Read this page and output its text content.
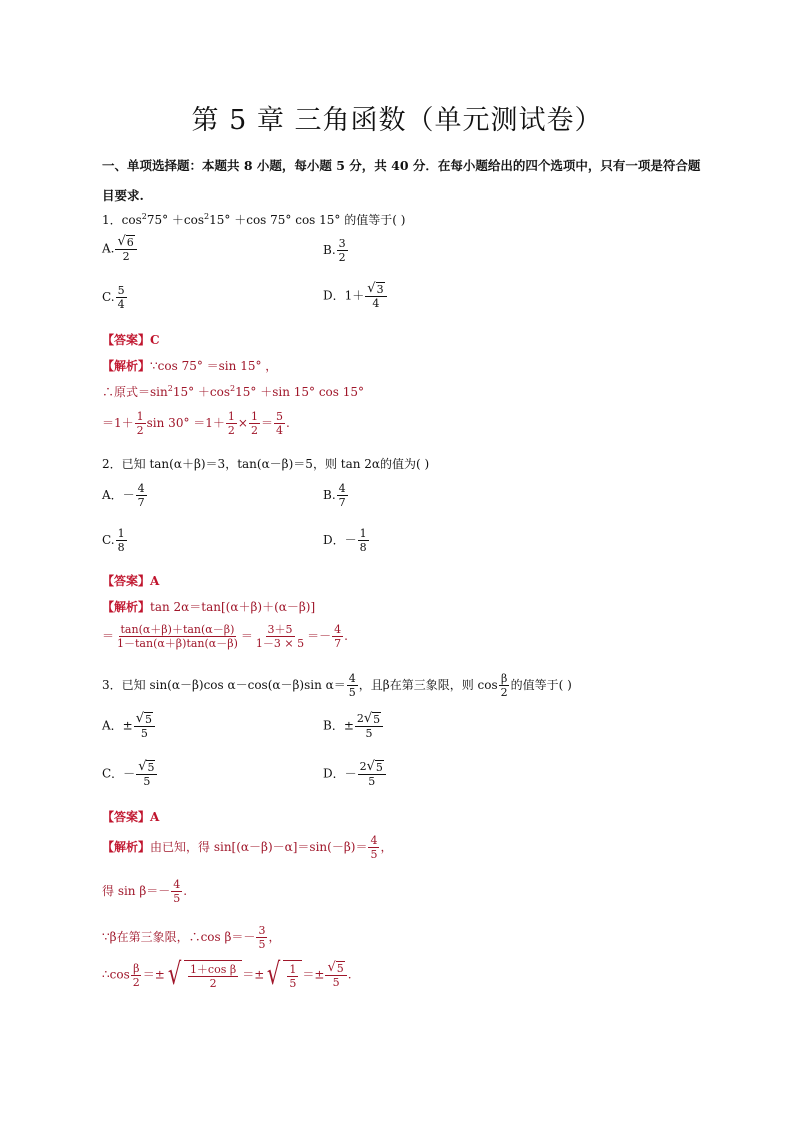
第 5 章 三角函数（单元测试卷）
一、单项选择题：本题共 8 小题，每小题 5 分，共 40 分．在每小题给出的四个选项中，只有一项是符合题
目要求.
1．$\cos^275^\circ +\cos^215^\circ +\cos$ 75° cos 15° 的值等于( )
A. $\frac{√ 6}{2}$	B. $\frac{3}{2}$
C. $\frac{5}{4}$	D．$1+ \frac{√ 3}{4}$
【答案】C
【解析】∵cos 75° ＝sin 15° ，
∴原式$=\sin^215^\circ +\cos^215^\circ +\sin$ 15° cos 15°
$=1+ \frac{1}{2}$ $\sin 30^\circ =1+ \frac{1}{2} \times \frac{1}{2} = \frac{5}{4}$ .
2．已知 tan(α＋β)＝3，tan(α－β)＝5，则 tan 2α的值为( )
A．－ $\frac{4}{7}$	B. $\frac{4}{7}$
C. $\frac{1}{8}$	D．－ $\frac{1}{8}$
【答案】A
【解析】tan 2α＝tan[(α＋β)＋(α－β)]
＝ $\frac{\tan(\alpha+\beta)+\tan(\alpha-\beta)}{1-\tan(\alpha+\beta)\tan(\alpha-\beta)} = \frac{3+5}{1-3 \times 5} =- \frac{4}{7}$ .
3．已知 sin(α－β)cos α－cos(α－β)sin $\alpha= \frac{4}{5}$ ，且β在第三象限，则 $\cos \frac{\beta}{2}$ 的值等于( )
A．± $\frac{√ 5}{5}$	B．± $\frac{2 √ 5}{5}$
C．－ $\frac{√ 5}{5}$	D．－ $\frac{2 √ 5}{5}$
【答案】A
【解析】由已知，得 $\sin[(\alpha-\beta)-\alpha]=\sin(-\beta)= \frac{4}{5}$ ，
得 $\sin \beta=- \frac{4}{5}$ .
∵β在第三象限，∴cos $\beta=- \frac{3}{5}$ ，
∴cos $\frac{\beta}{2}$ ＝± √ $\frac{\text{1＋cos β}}{2}$ ＝± √ $\frac{1}{5} =\pm \frac{√ 5}{5}$ .
